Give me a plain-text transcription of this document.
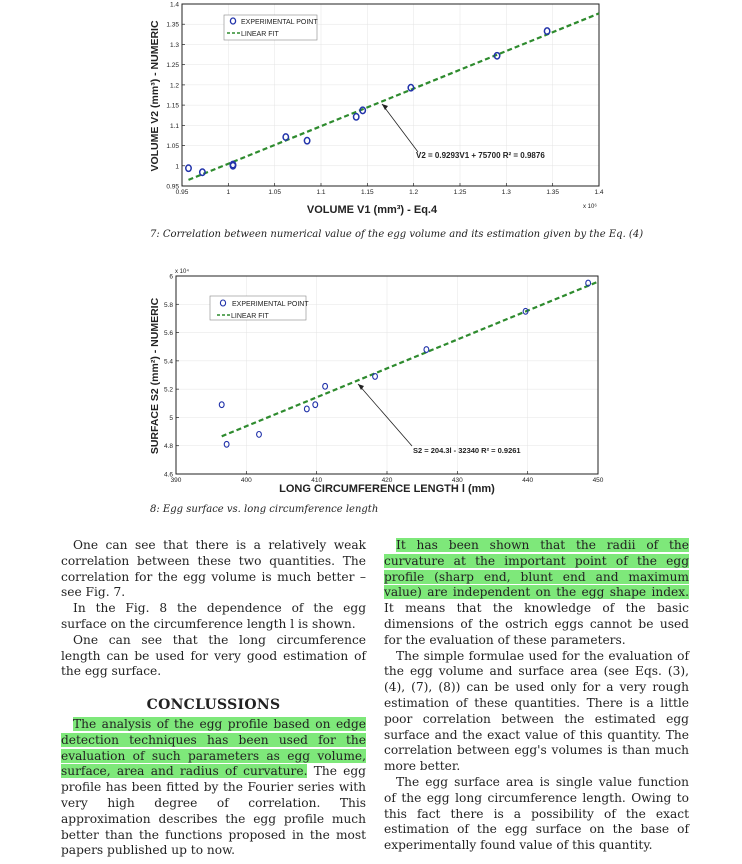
0.95	1	1.05	1.1	1.15	1.2	1.25	1.3	1.35	1.4
0.95
1
1.05
1.1
1.15
1.2
1.25
1.3
1.35
1.4
V2 = 0.9293V1 + 75700 R² = 0.9876
EXPERIMENTAL POINT
LINEAR FIT
VOLUME V1 (mm³) - Eq.4
VOLUME V2 (mm³) - NUMERIC
x 10⁶
7: Correlation between numerical value of the egg volume and its estimation given by the Eq. (4)
390	400	410	420	430	440	450
4.6
4.8
5
5.2
5.4
5.6
5.8
6
S2 = 204.3l - 32340 R² = 0.9261
EXPERIMENTAL POINT
LINEAR FIT
LONG CIRCUMFERENCE LENGTH l (mm)
SURFACE S2 (mm²) - NUMERIC
x 10⁴
8: Egg surface vs. long circumference length

One can see that there is a relatively weak correlation between these two quantities. The correlation for the egg volume is much better – see Fig. 7.

In the Fig. 8 the dependence of the egg surface on the circumference length l is shown.

One can see that the long circumference length can be used for very good estimation of the egg surface.

CONCLUSSIONS

The analysis of the egg profile based on edge detection techniques has been used for the evaluation of such parameters as egg volume, surface, area and radius of curvature. The egg profile has been fitted by the Fourier series with very high degree of correlation. This approximation describes the egg profile much better than the functions proposed in the most papers published up to now.

It has been shown that the radii of the curvature at the important point of the egg profile (sharp end, blunt end and maximum value) are independent on the egg shape index. It means that the knowledge of the basic dimensions of the ostrich eggs cannot be used for the evaluation of these parameters.

The simple formulae used for the evaluation of the egg volume and surface area (see Eqs. (3), (4), (7), (8)) can be used only for a very rough estimation of these quantities. There is a little poor correlation between the estimated egg surface and the exact value of this quantity. The correlation between egg's volumes is than much more better.

The egg surface area is single value function of the egg long circumference length. Owing to this fact there is a possibility of the exact estimation of the egg surface on the base of experimentally found value of this quantity.
